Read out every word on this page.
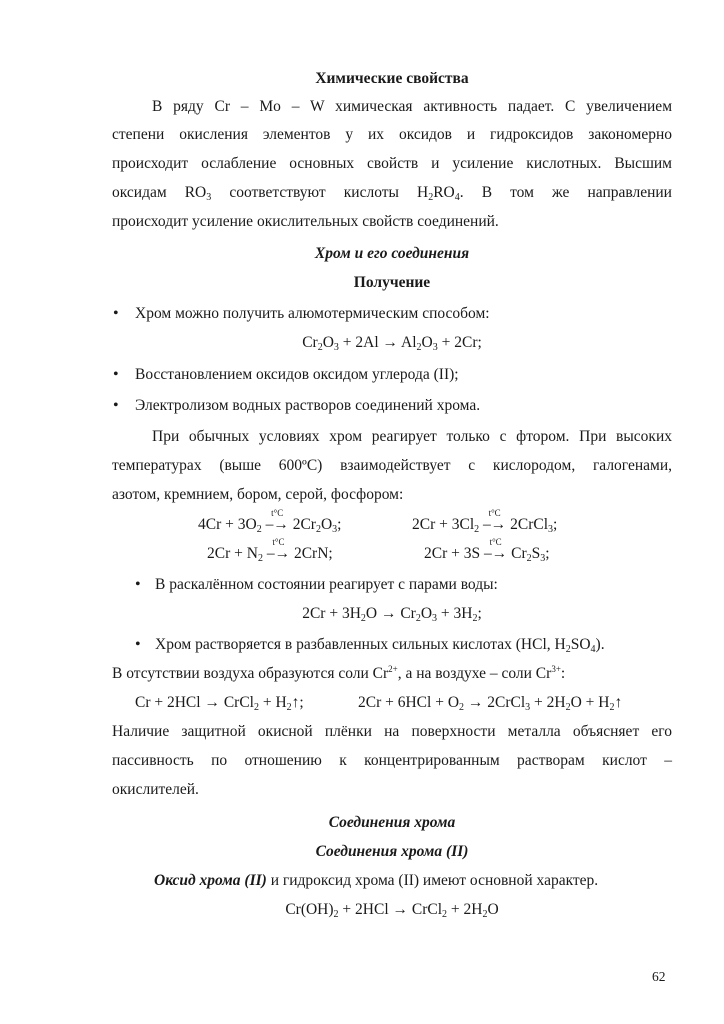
Химические свойства
В ряду Cr – Mo – W химическая активность падает. С увеличением
степени окисления элементов у их оксидов и гидроксидов закономерно
происходит ослабление основных свойств и усиление кислотных. Высшим
оксидам $RO_3$ соответствуют кислоты $H_2RO_4$. В том же направлении
происходит усиление окислительных свойств соединений.
Хром и его соединения
Получение
• Хром можно получить алюмотермическим способом:
$Cr_2O_3 + 2Al \to Al_2O_3 + 2Cr$;
• Восстановлением оксидов оксидом углерода (II);
• Электролизом водных растворов соединений хрома.
При обычных условиях хром реагирует только с фтором. При высоких
температурах (выше 600ºС) взаимодействует с кислородом, галогенами,
азотом, кремнием, бором, серой, фосфором:
$4Cr + 3O_2$ –
t°C
→ $2Cr_2O_3$;	$2Cr + 3Cl_2$ –
t°C
→ 2CrCl$_3$;
$2Cr + N_2$ –
t°C
→ 2CrN;	2Cr + 3S –
t°C
→ $Cr_2S_3$;
• В раскалённом состоянии реагирует с парами воды:
$2Cr + 3H_2O \to Cr_2O_3 + 3H_2$;
• Хром растворяется в разбавленных сильных кислотах (HCl, $H_2SO_4$).
В отсутствии воздуха образуются соли $Cr^{2+}$, а на воздухе – соли $Cr^{3+}$:
Cr + 2HCl → CrCl$_2$ + $H_2↑$;	$2Cr + 6HCl + O_2$ → 2CrCl$_3$ + $2H_2O$ + $H_2↑$
Наличие защитной окисной плёнки на поверхности металла объясняет его
пассивность по отношению к концентрированным растворам кислот –
окислителей.
Соединения хрома
Соединения хрома (II)
Оксид хрома (II) и гидроксид хрома (II) имеют основной характер.
$Cr(OH)_2 + 2HCl$ → CrCl$_2$ + $2H_2O$
62
